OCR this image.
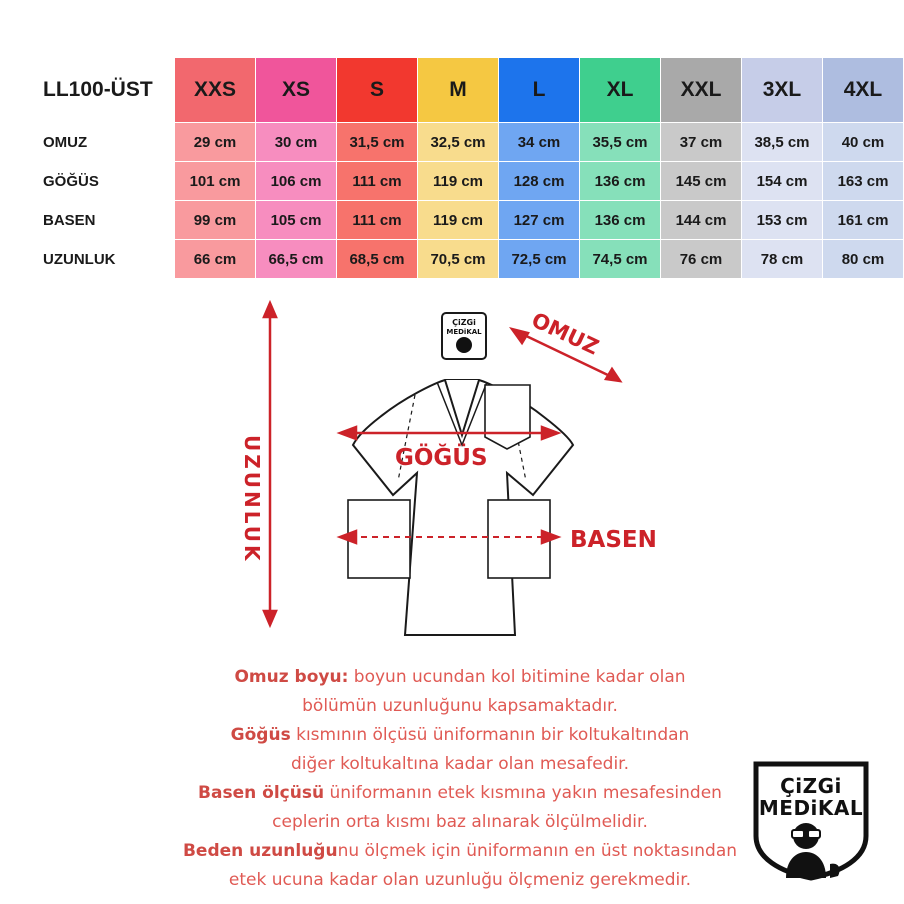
LL100-ÜST	XXS	XS	S	M	L	XL	XXL	3XL	4XL
OMUZ	29 cm	30 cm	31,5 cm	32,5 cm	34 cm	35,5 cm	37 cm	38,5 cm	40 cm
GÖĞÜS	101 cm	106 cm	111 cm	119 cm	128 cm	136 cm	145 cm	154 cm	163 cm
BASEN	99 cm	105 cm	111 cm	119 cm	127 cm	136 cm	144 cm	153 cm	161 cm
UZUNLUK	66 cm	66,5 cm	68,5 cm	70,5 cm	72,5 cm	74,5 cm	76 cm	78 cm	80 cm
ÇiZGi
MEDiKAL OMUZ
GÖĞÜS
BASEN
UZUNLUK

Omuz boyu: boyun ucundan kol bitimine kadar olan

bölümün uzunluğunu kapsamaktadır.

Göğüs kısmının ölçüsü üniformanın bir koltukaltından

diğer koltukaltına kadar olan mesafedir.

Basen ölçüsü üniformanın etek kısmına yakın mesafesinden

ceplerin orta kısmı baz alınarak ölçülmelidir.

Beden uzunluğunu ölçmek için üniformanın en üst noktasından

etek ucuna kadar olan uzunluğu ölçmeniz gerekmedir.

ÇiZGi
MEDiKAL
